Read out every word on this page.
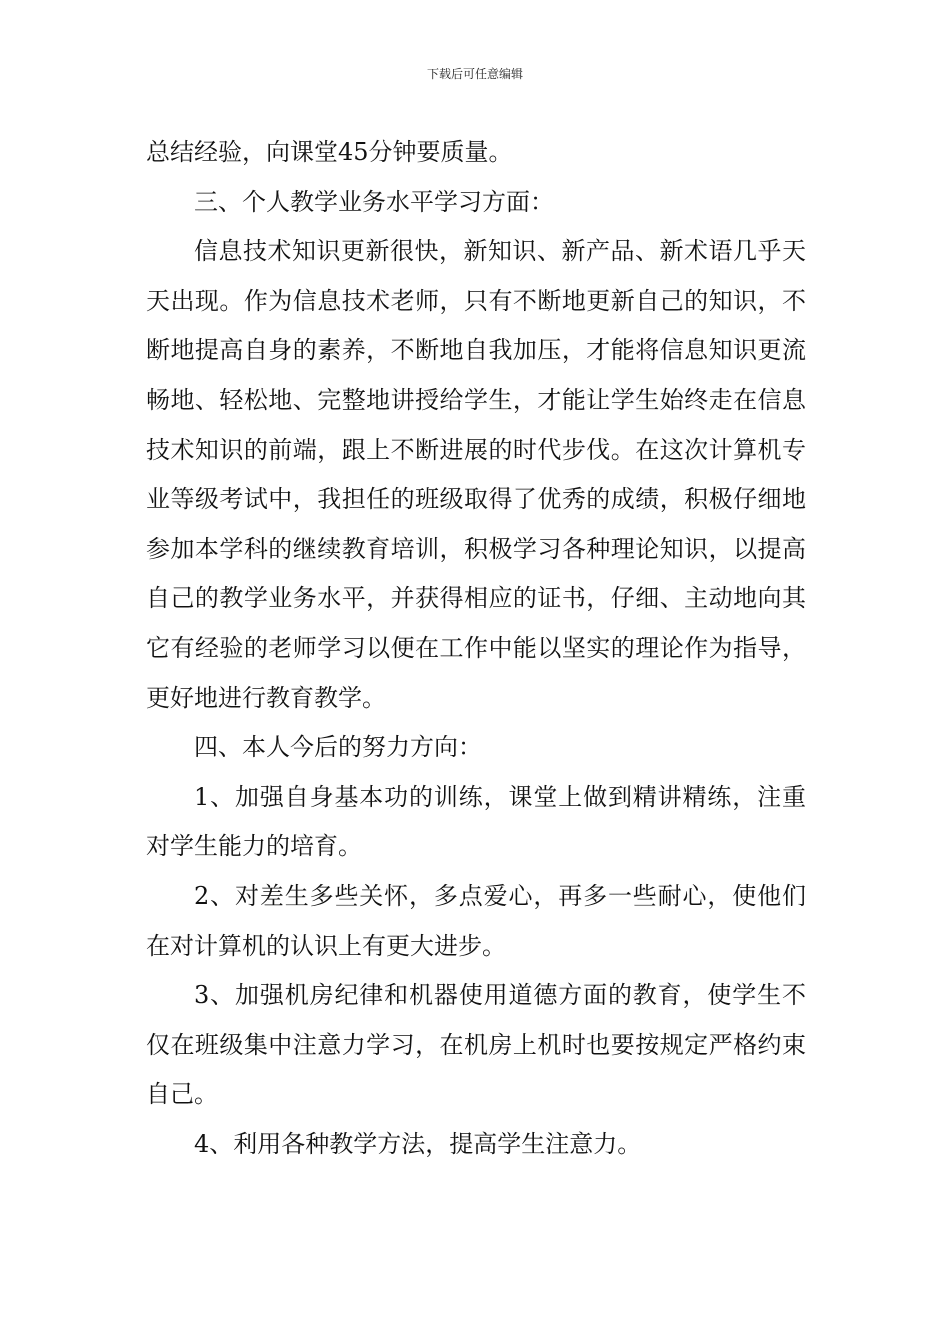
下载后可任意编辑

总结经验，向课堂45分钟要质量。

三、个人教学业务水平学习方面：

信息技术知识更新很快，新知识、新产品、新术语几乎天天出现。作为信息技术老师，只有不断地更新自己的知识，不断地提高自身的素养，不断地自我加压，才能将信息知识更流畅地、轻松地、完整地讲授给学生，才能让学生始终走在信息技术知识的前端，跟上不断进展的时代步伐。在这次计算机专业等级考试中，我担任的班级取得了优秀的成绩，积极仔细地参加本学科的继续教育培训，积极学习各种理论知识，以提高自己的教学业务水平，并获得相应的证书，仔细、主动地向其它有经验的老师学习以便在工作中能以坚实的理论作为指导，更好地进行教育教学。

四、本人今后的努力方向：

1、加强自身基本功的训练，课堂上做到精讲精练，注重对学生能力的培育。

2、对差生多些关怀，多点爱心，再多一些耐心，使他们在对计算机的认识上有更大进步。

3、加强机房纪律和机器使用道德方面的教育，使学生不仅在班级集中注意力学习，在机房上机时也要按规定严格约束自己。

4、利用各种教学方法，提高学生注意力。
